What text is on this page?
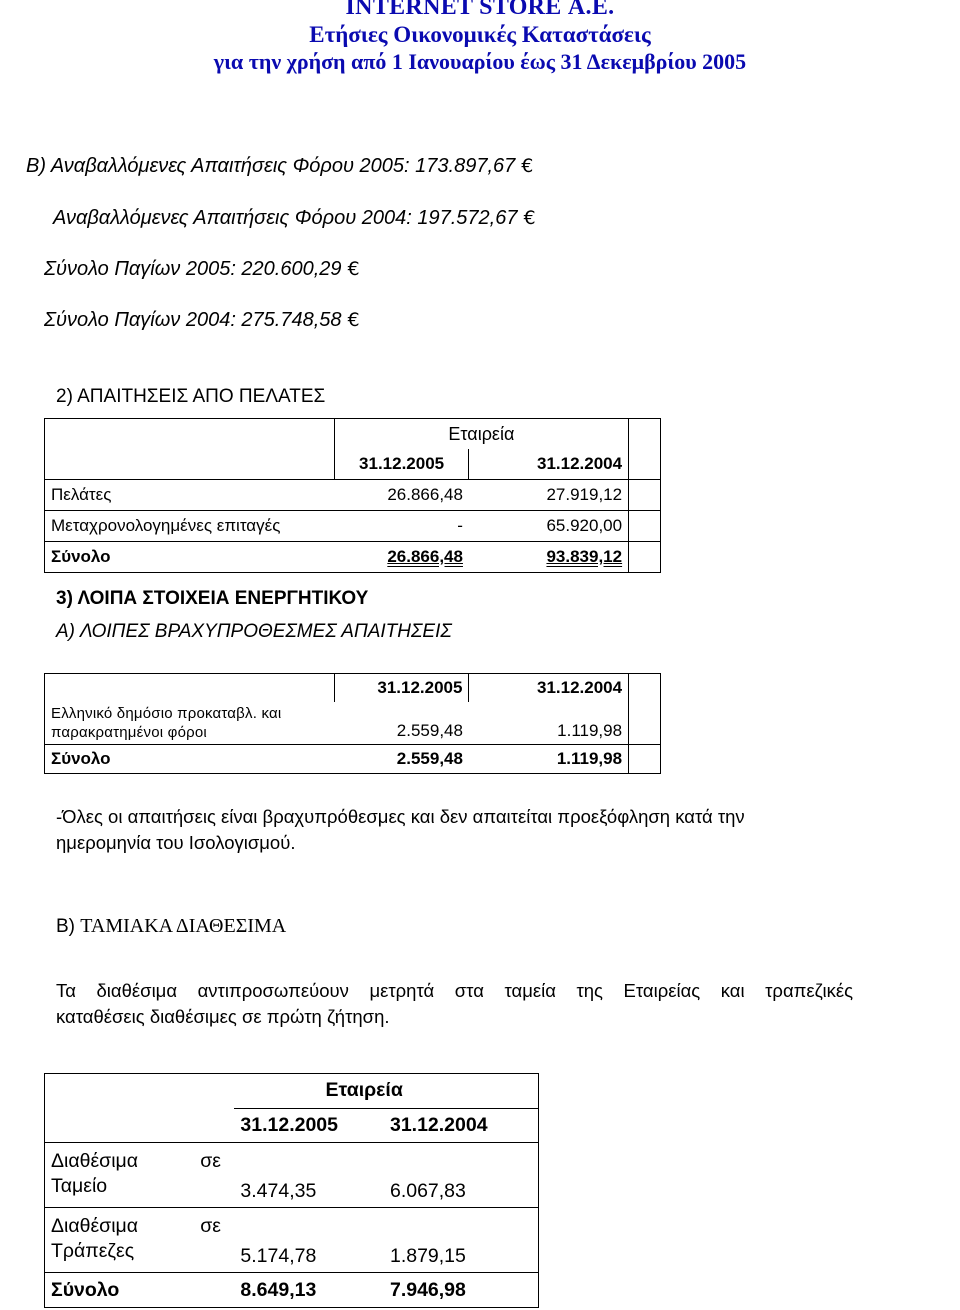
INTERNET STORE Α.Ε.
Ετήσιες Οικονομικές Καταστάσεις
για την χρήση από 1 Ιανουαρίου έως 31 Δεκεμβρίου 2005
Β) Αναβαλλόμενες Απαιτήσεις Φόρου 2005: 173.897,67 €
Αναβαλλόμενες Απαιτήσεις Φόρου 2004: 197.572,67 €
Σύνολο Παγίων 2005: 220.600,29 €
Σύνολο Παγίων 2004: 275.748,58 €
2) ΑΠΑΙΤΗΣΕΙΣ ΑΠΟ ΠΕΛΑΤΕΣ
	Εταιρεία		
	31.12.2005	31.12.2004	
Πελάτες	26.866,48	27.919,12	
Μεταχρονολογημένες επιταγές	-	65.920,00	
Σύνολο	26.866,48	93.839,12	
3) ΛΟΙΠΑ ΣΤΟΙΧΕΙΑ ΕΝΕΡΓΗΤΙΚΟΥ
Α) ΛΟΙΠΕΣ ΒΡΑΧΥΠΡΟΘΕΣΜΕΣ ΑΠΑΙΤΗΣΕΙΣ
	31.12.2005	31.12.2004	

Ελληνικό δημόσιο προκαταβλ. και
παρακρατημένοι φόροι	2.559,48	1.119,98	
Σύνολο	2.559,48	1.119,98	
-Όλες οι απαιτήσεις είναι βραχυπρόθεσμες και δεν απαιτείται προεξόφληση κατά την
ημερομηνία του Ισολογισμού.
Β) ΤΑΜΙΑΚΑ ΔΙΑΘΕΣΙΜΑ
Τα διαθέσιμα αντιπροσωπεύουν μετρητά στα ταμεία της Εταιρείας και τραπεζικές
καταθέσεις διαθέσιμες σε πρώτη ζήτηση.
	Εταιρεία	
	31.12.2005	31.12.2004

Διαθέσιμα σε
Ταμείο	3.474,35	6.067,83

Διαθέσιμα σε
Τράπεζες	5.174,78	1.879,15
Σύνολο	8.649,13	7.946,98
